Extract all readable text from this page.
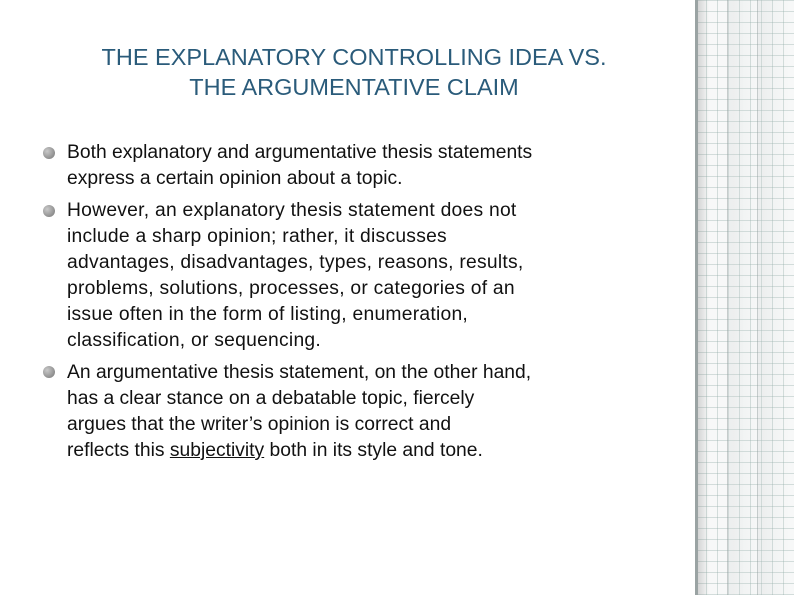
THE EXPLANATORY CONTROLLING IDEA VS.
THE ARGUMENTATIVE CLAIM
Both explanatory and argumentative thesis statements
express a certain opinion about a topic.
However, an explanatory thesis statement does not
include a sharp opinion; rather, it discusses
advantages, disadvantages, types, reasons, results,
problems, solutions, processes, or categories of an
issue often in the form of listing, enumeration,
classification, or sequencing.
An argumentative thesis statement, on the other hand,
has a clear stance on a debatable topic, fiercely
argues that the writer’s opinion is correct and
reflects this subjectivity both in its style and tone.
